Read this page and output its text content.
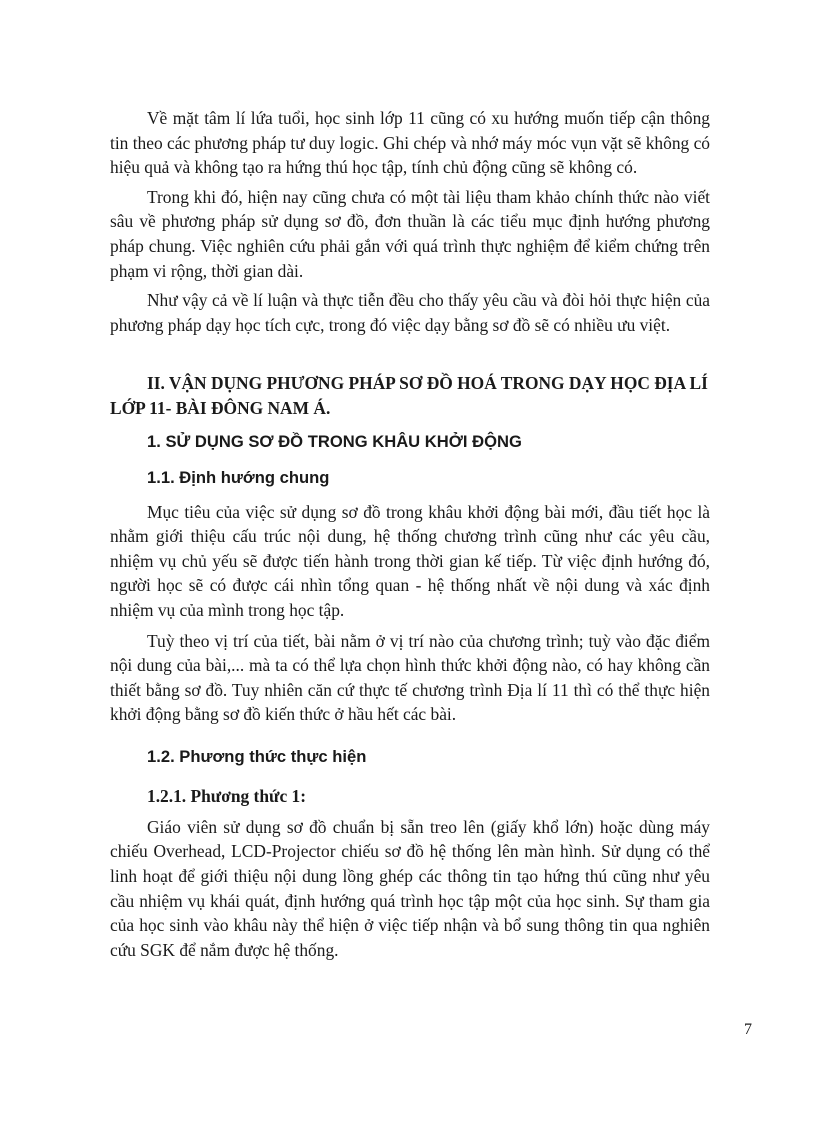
Về mặt tâm lí lứa tuổi, học sinh lớp 11 cũng có xu hướng muốn tiếp cận thông tin theo các phương pháp tư duy logic. Ghi chép và nhớ máy móc vụn vặt sẽ không có hiệu quả và không tạo ra hứng thú học tập, tính chủ động cũng sẽ không có.

Trong khi đó, hiện nay cũng chưa có một tài liệu tham khảo chính thức nào viết sâu về phương pháp sử dụng sơ đồ, đơn thuần là các tiểu mục định hướng phương pháp chung. Việc nghiên cứu phải gắn với quá trình thực nghiệm để kiểm chứng trên phạm vi rộng, thời gian dài.

Như vậy cả về lí luận và thực tiễn đều cho thấy yêu cầu và đòi hỏi thực hiện của phương pháp dạy học tích cực, trong đó việc dạy bằng sơ đồ sẽ có nhiều ưu việt.

II. VẬN DỤNG PHƯƠNG PHÁP SƠ ĐỒ HOÁ TRONG DẠY HỌC ĐỊA LÍ LỚP 11- BÀI ĐÔNG NAM Á.

1. SỬ DỤNG SƠ ĐỒ TRONG KHÂU KHỞI ĐỘNG

1.1. Định hướng chung

Mục tiêu của việc sử dụng sơ đồ trong khâu khởi động bài mới, đầu tiết học là nhằm giới thiệu cấu trúc nội dung, hệ thống chương trình cũng như các yêu cầu, nhiệm vụ chủ yếu sẽ được tiến hành trong thời gian kế tiếp. Từ việc định hướng đó, người học sẽ có được cái nhìn tổng quan - hệ thống nhất về nội dung và xác định nhiệm vụ của mình trong học tập.

Tuỳ theo vị trí của tiết, bài nằm ở vị trí nào của chương trình; tuỳ vào đặc điểm nội dung của bài,... mà ta có thể lựa chọn hình thức khởi động nào, có hay không cần thiết bằng sơ đồ. Tuy nhiên căn cứ thực tế chương trình Địa lí 11 thì có thể thực hiện khởi động bằng sơ đồ kiến thức ở hầu hết các bài.

1.2. Phương thức thực hiện

1.2.1. Phương thức 1:

Giáo viên sử dụng sơ đồ chuẩn bị sẵn treo lên (giấy khổ lớn) hoặc dùng máy chiếu Overhead, LCD-Projector chiếu sơ đồ hệ thống lên màn hình. Sử dụng có thể linh hoạt để giới thiệu nội dung lồng ghép các thông tin tạo hứng thú cũng như yêu cầu nhiệm vụ khái quát, định hướng quá trình học tập một của học sinh. Sự tham gia của học sinh vào khâu này thể hiện ở việc tiếp nhận và bổ sung thông tin qua nghiên cứu SGK để nắm được hệ thống.

7
